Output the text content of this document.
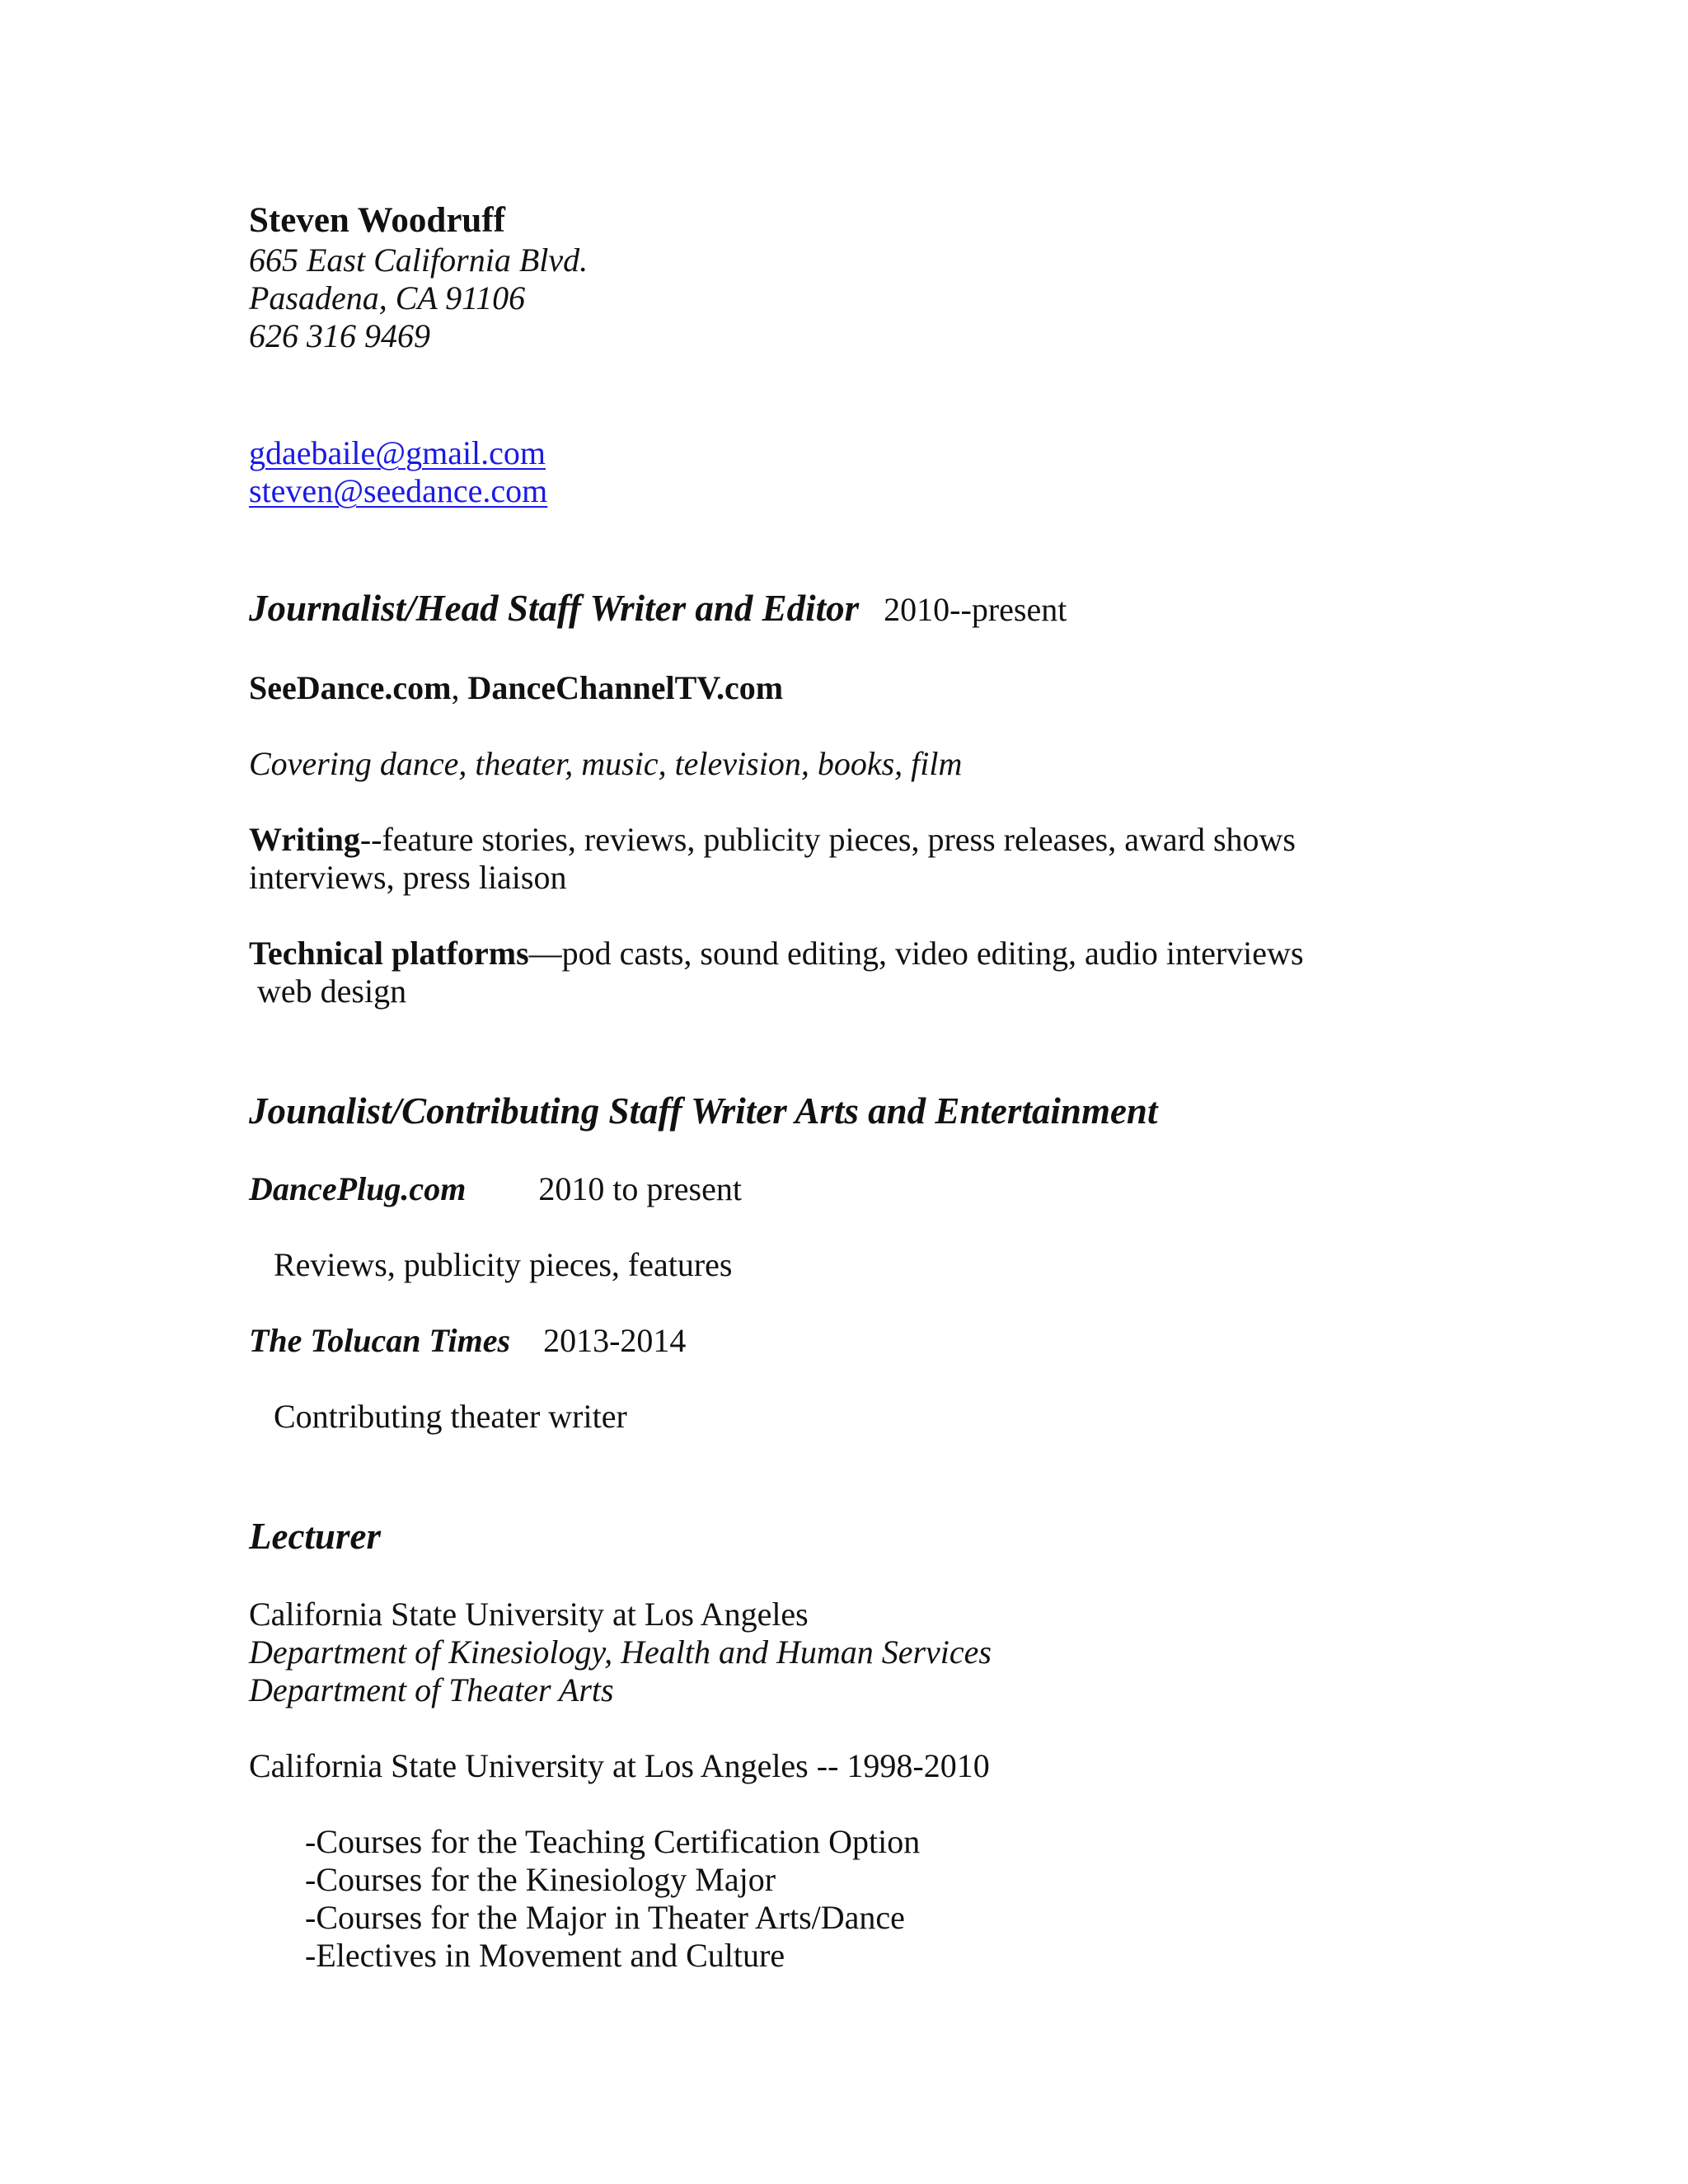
Steven Woodruff
665 East California Blvd.
Pasadena, CA 91106
626 316 9469
gdaebaile@gmail.com
steven@seedance.com
Journalist/Head Staff Writer and Editor 2010--present
SeeDance.com, DanceChannelTV.com
Covering dance, theater, music, television, books, film
Writing--feature stories, reviews, publicity pieces, press releases, award shows
interviews, press liaison
Technical platforms—pod casts, sound editing, video editing, audio interviews
web design
Jounalist/Contributing Staff Writer Arts and Entertainment
DancePlug.com 2010 to present
Reviews, publicity pieces, features
The Tolucan Times 2013-2014
Contributing theater writer
Lecturer
California State University at Los Angeles
Department of Kinesiology, Health and Human Services
Department of Theater Arts
California State University at Los Angeles -- 1998-2010
-Courses for the Teaching Certification Option
-Courses for the Kinesiology Major
-Courses for the Major in Theater Arts/Dance
-Electives in Movement and Culture
